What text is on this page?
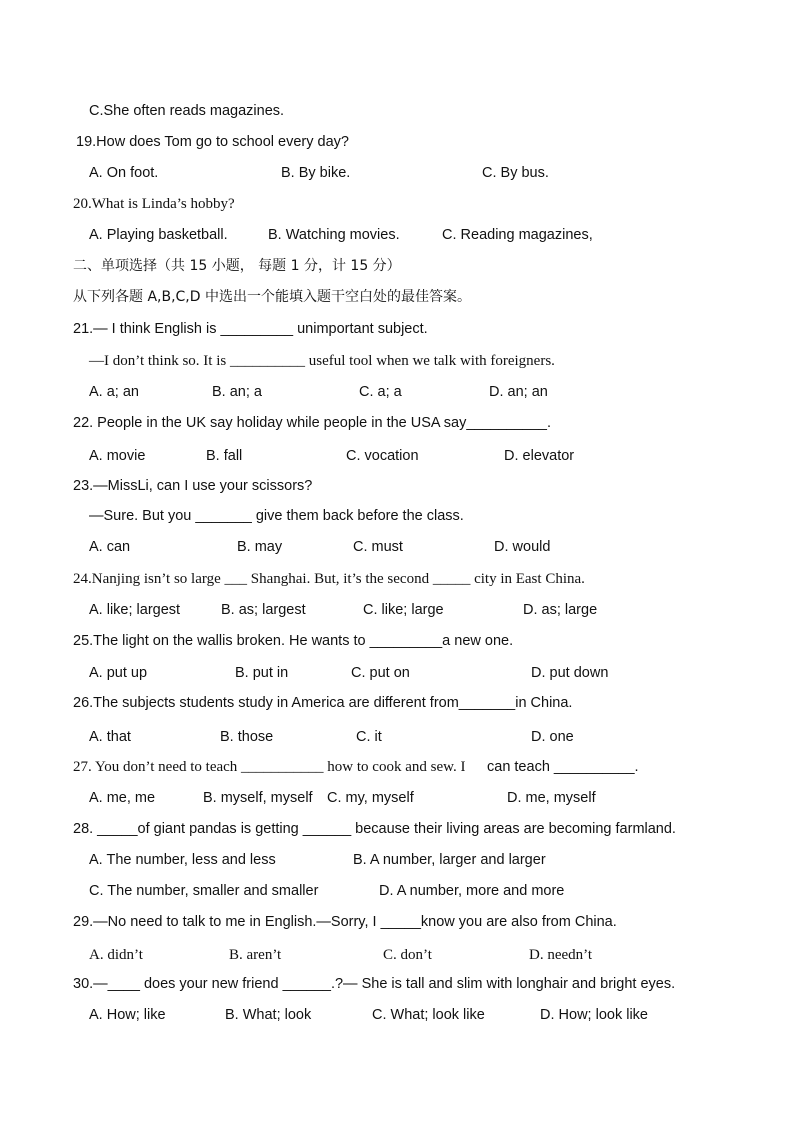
C.She often reads magazines.
19.How does Tom go to school every day?
A. On foot.	B. By bike.	C. By bus.
20.What is Linda’s hobby?
A. Playing basketball.	B. Watching movies.	C. Reading magazines,
二、单项选择（共 15 小题， 每题 1 分，计 15 分）
从下列各题 A,B,C,D 中选出一个能填入题干空白处的最佳答案。
21.— I think English is _________ unimportant subject.
—I don’t think so. It is __________ useful tool when we talk with foreigners.
A. a; an	B. an; a	C. a; a	D. an; an
22. People in the UK say holiday while people in the USA say__________.
A. movie	B. fall	C. vocation	D. elevator
23.—MissLi, can I use your scissors?
—Sure. But you _______ give them back before the class.
A. can	B. may	C. must	D. would
24.Nanjing isn’t so large ___ Shanghai. But, it’s the second _____ city in East China.
A. like; largest	B. as; largest	C. like; large	D. as; large
25.The light on the wallis broken. He wants to _________a new one.
A. put up	B. put in	C. put on	D. put down
26.The subjects students study in America are different from_______in China.
A. that	B. those	C. it	D. one
27. You don’t need to teach ___________ how to cook and sew. I can teach __________.
A. me, me	B. myself, myself C. my, myself	D. me, myself
28. _____of giant pandas is getting ______ because their living areas are becoming farmland.
A. The number, less and less	B. A number, larger and larger
C. The number, smaller and smaller	D. A number, more and more
29.—No need to talk to me in English.—Sorry, I _____know you are also from China.
A. didn’t	B. aren’t	C. don’t	D. needn’t
30.—____ does your new friend ______.?— She is tall and slim with longhair and bright eyes.
A. How; like	B. What; look	C. What; look like	D. How; look like
